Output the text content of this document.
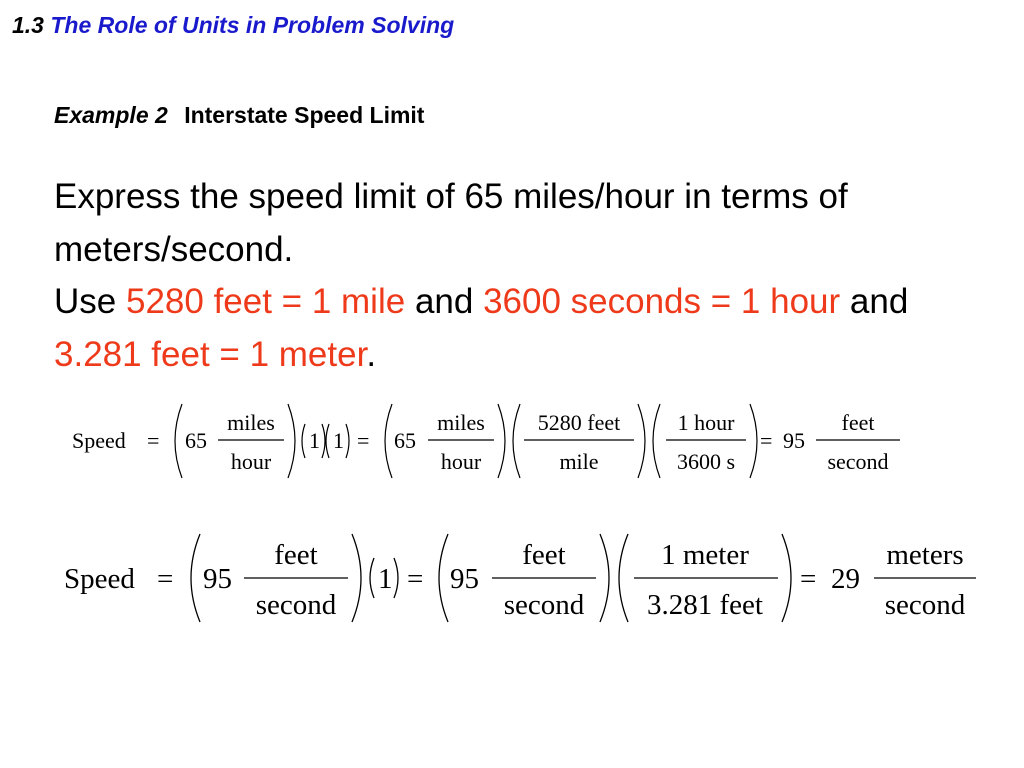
1.3 The Role of Units in Problem Solving
Example 2 Interstate Speed Limit
Express the speed limit of 65 miles/hour in terms of meters/second.
Use 5280 feet = 1 mile and 3600 seconds = 1 hour and 3.281 feet = 1 meter.
Speed = 65
miles
hour
1 1 = 65
miles
hour
5280 feet
mile
1 hour
3600 s
= 95
feet
second
Speed = 95
feet
second
1 = 95
feet
second
1 meter
3.281 feet
= 29
meters
second
